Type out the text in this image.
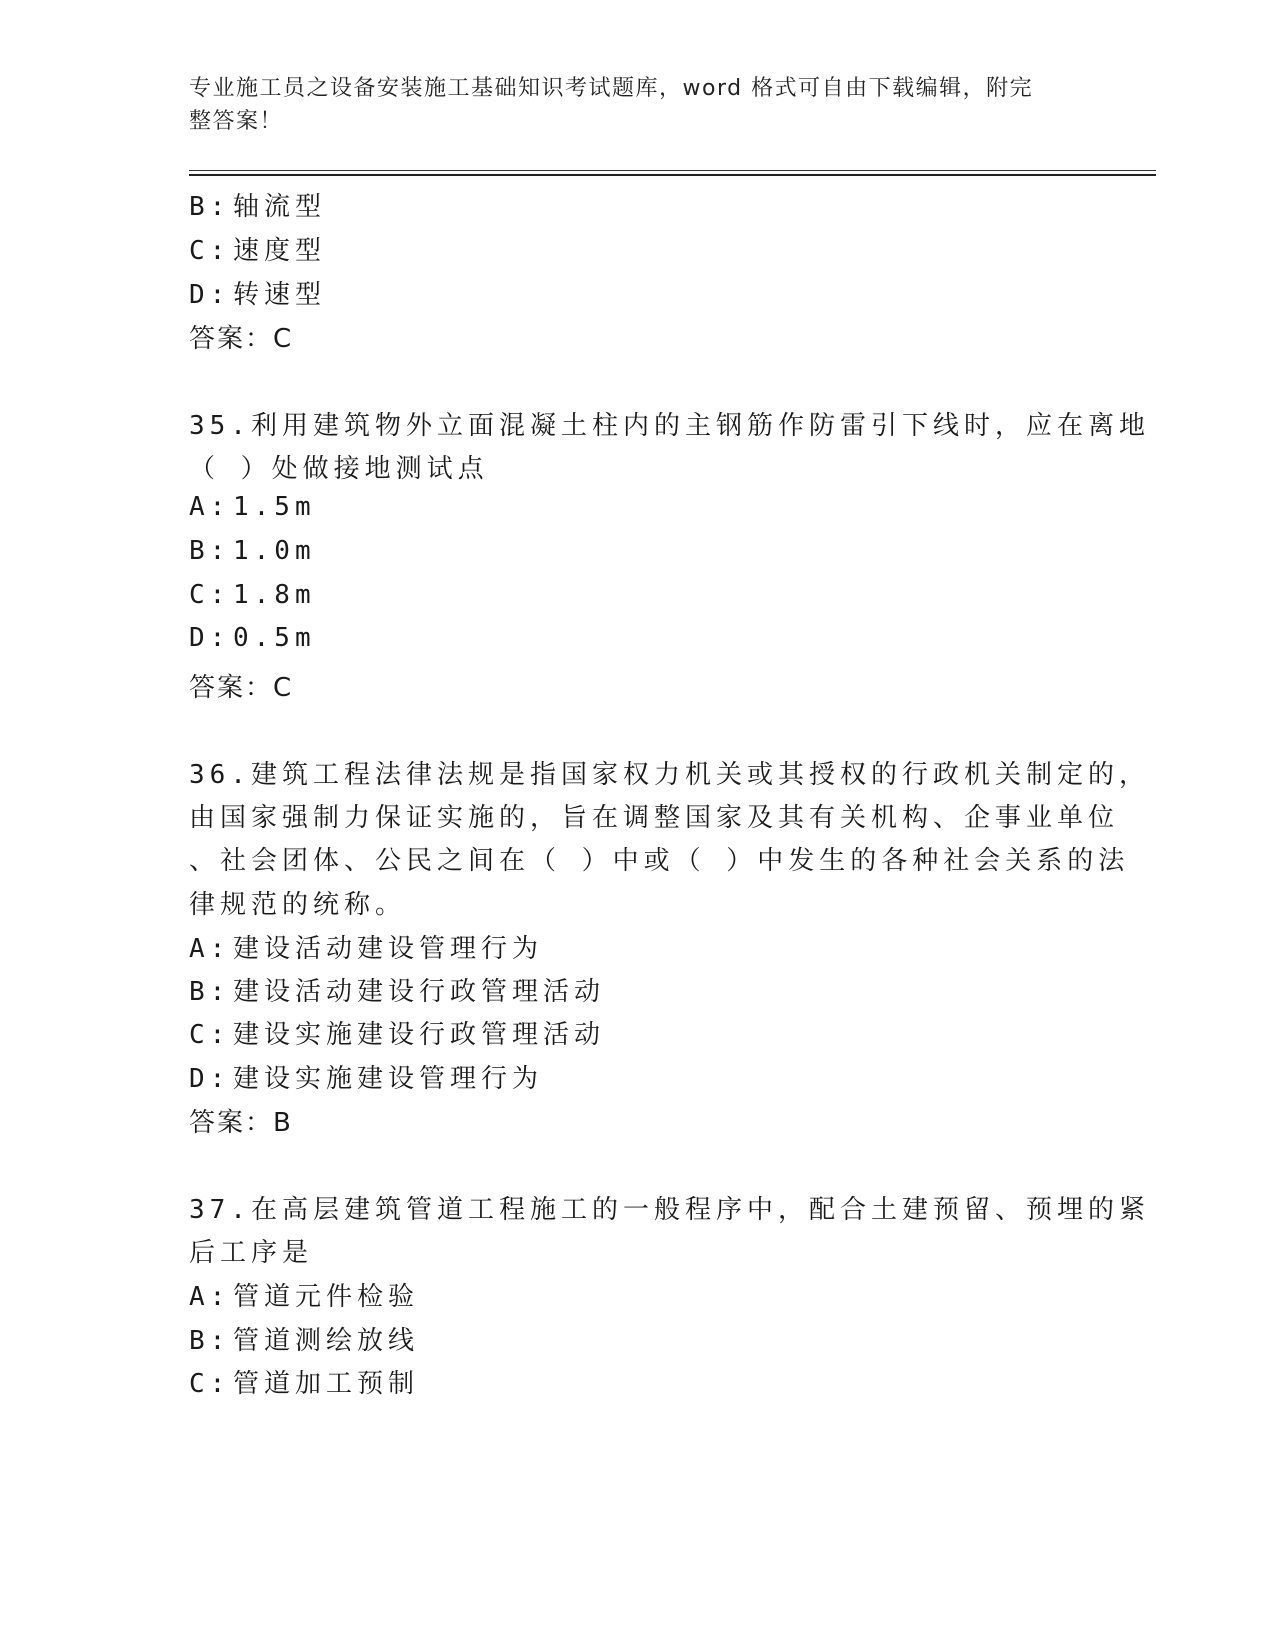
专业施工员之设备安装施工基础知识考试题库，word 格式可自由下载编辑，附完
整答案！
B: 轴流型
C: 速度型
D: 转速型
答案：C
35.利用建筑物外立面混凝土柱内的主钢筋作防雷引下线时，应在离地
（ ）处做接地测试点
A: 1.5m
B: 1.0m
C: 1.8m
D: 0.5m
答案：C
36.建筑工程法律法规是指国家权力机关或其授权的行政机关制定的，
由国家强制力保证实施的，旨在调整国家及其有关机构、企事业单位
、社会团体、公民之间在（ ）中或（ ）中发生的各种社会关系的法
律规范的统称。
A: 建设活动建设管理行为
B: 建设活动建设行政管理活动
C: 建设实施建设行政管理活动
D: 建设实施建设管理行为
答案：B
37.在高层建筑管道工程施工的一般程序中，配合土建预留、预埋的紧
后工序是
A: 管道元件检验
B: 管道测绘放线
C: 管道加工预制
